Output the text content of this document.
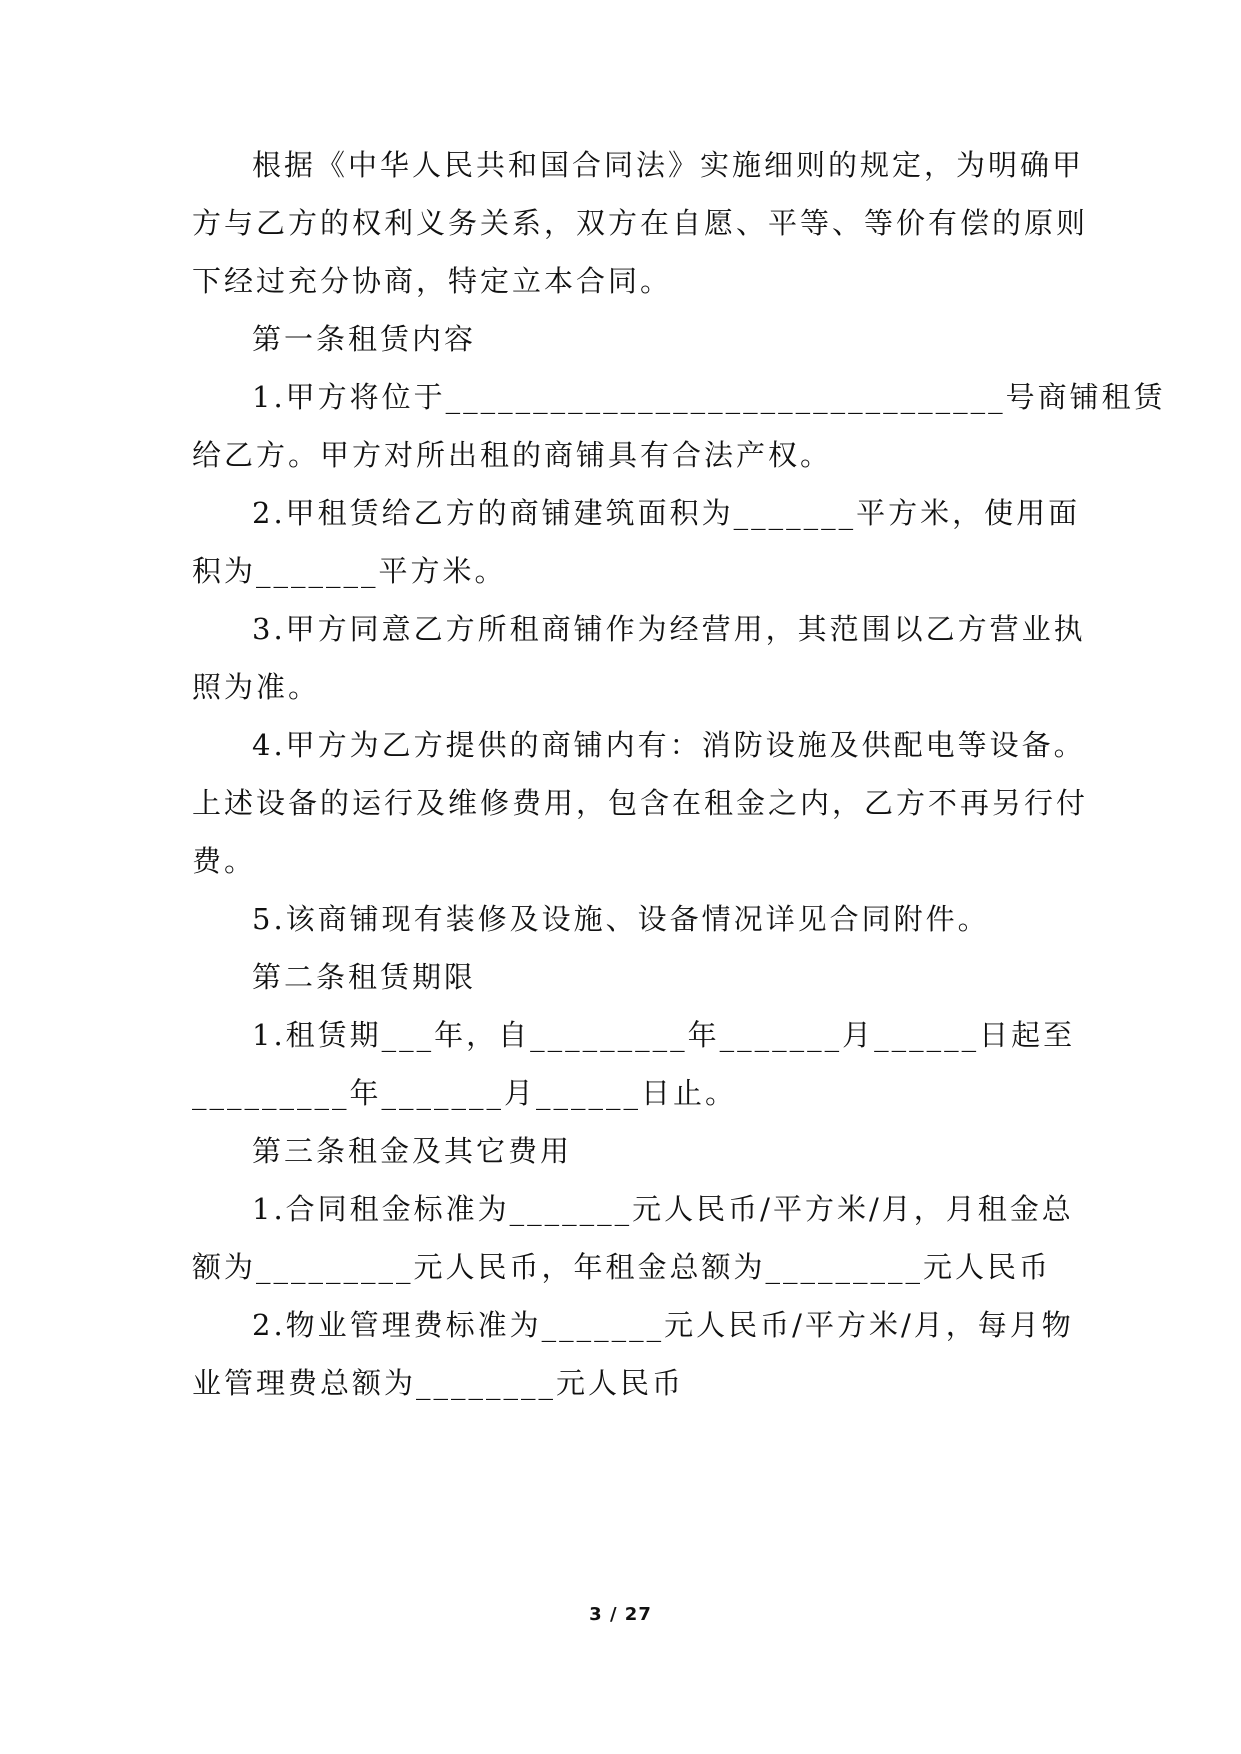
根据《中华人民共和国合同法》实施细则的规定，为明确甲
方与乙方的权利义务关系，双方在自愿、平等、等价有偿的原则
下经过充分协商，特定立本合同。
第一条租赁内容
1.甲方将位于________________________________号商铺租赁
给乙方。甲方对所出租的商铺具有合法产权。
2.甲租赁给乙方的商铺建筑面积为_______平方米，使用面
积为_______平方米。
3.甲方同意乙方所租商铺作为经营用，其范围以乙方营业执
照为准。
4.甲方为乙方提供的商铺内有：消防设施及供配电等设备。
上述设备的运行及维修费用，包含在租金之内，乙方不再另行付
费。
5.该商铺现有装修及设施、设备情况详见合同附件。
第二条租赁期限
1.租赁期___年，自_________年_______月______日起至
_________年_______月______日止。
第三条租金及其它费用
1.合同租金标准为_______元人民币/平方米/月，月租金总
额为_________元人民币，年租金总额为_________元人民币
2.物业管理费标准为_______元人民币/平方米/月，每月物
业管理费总额为________元人民币
3 / 27
